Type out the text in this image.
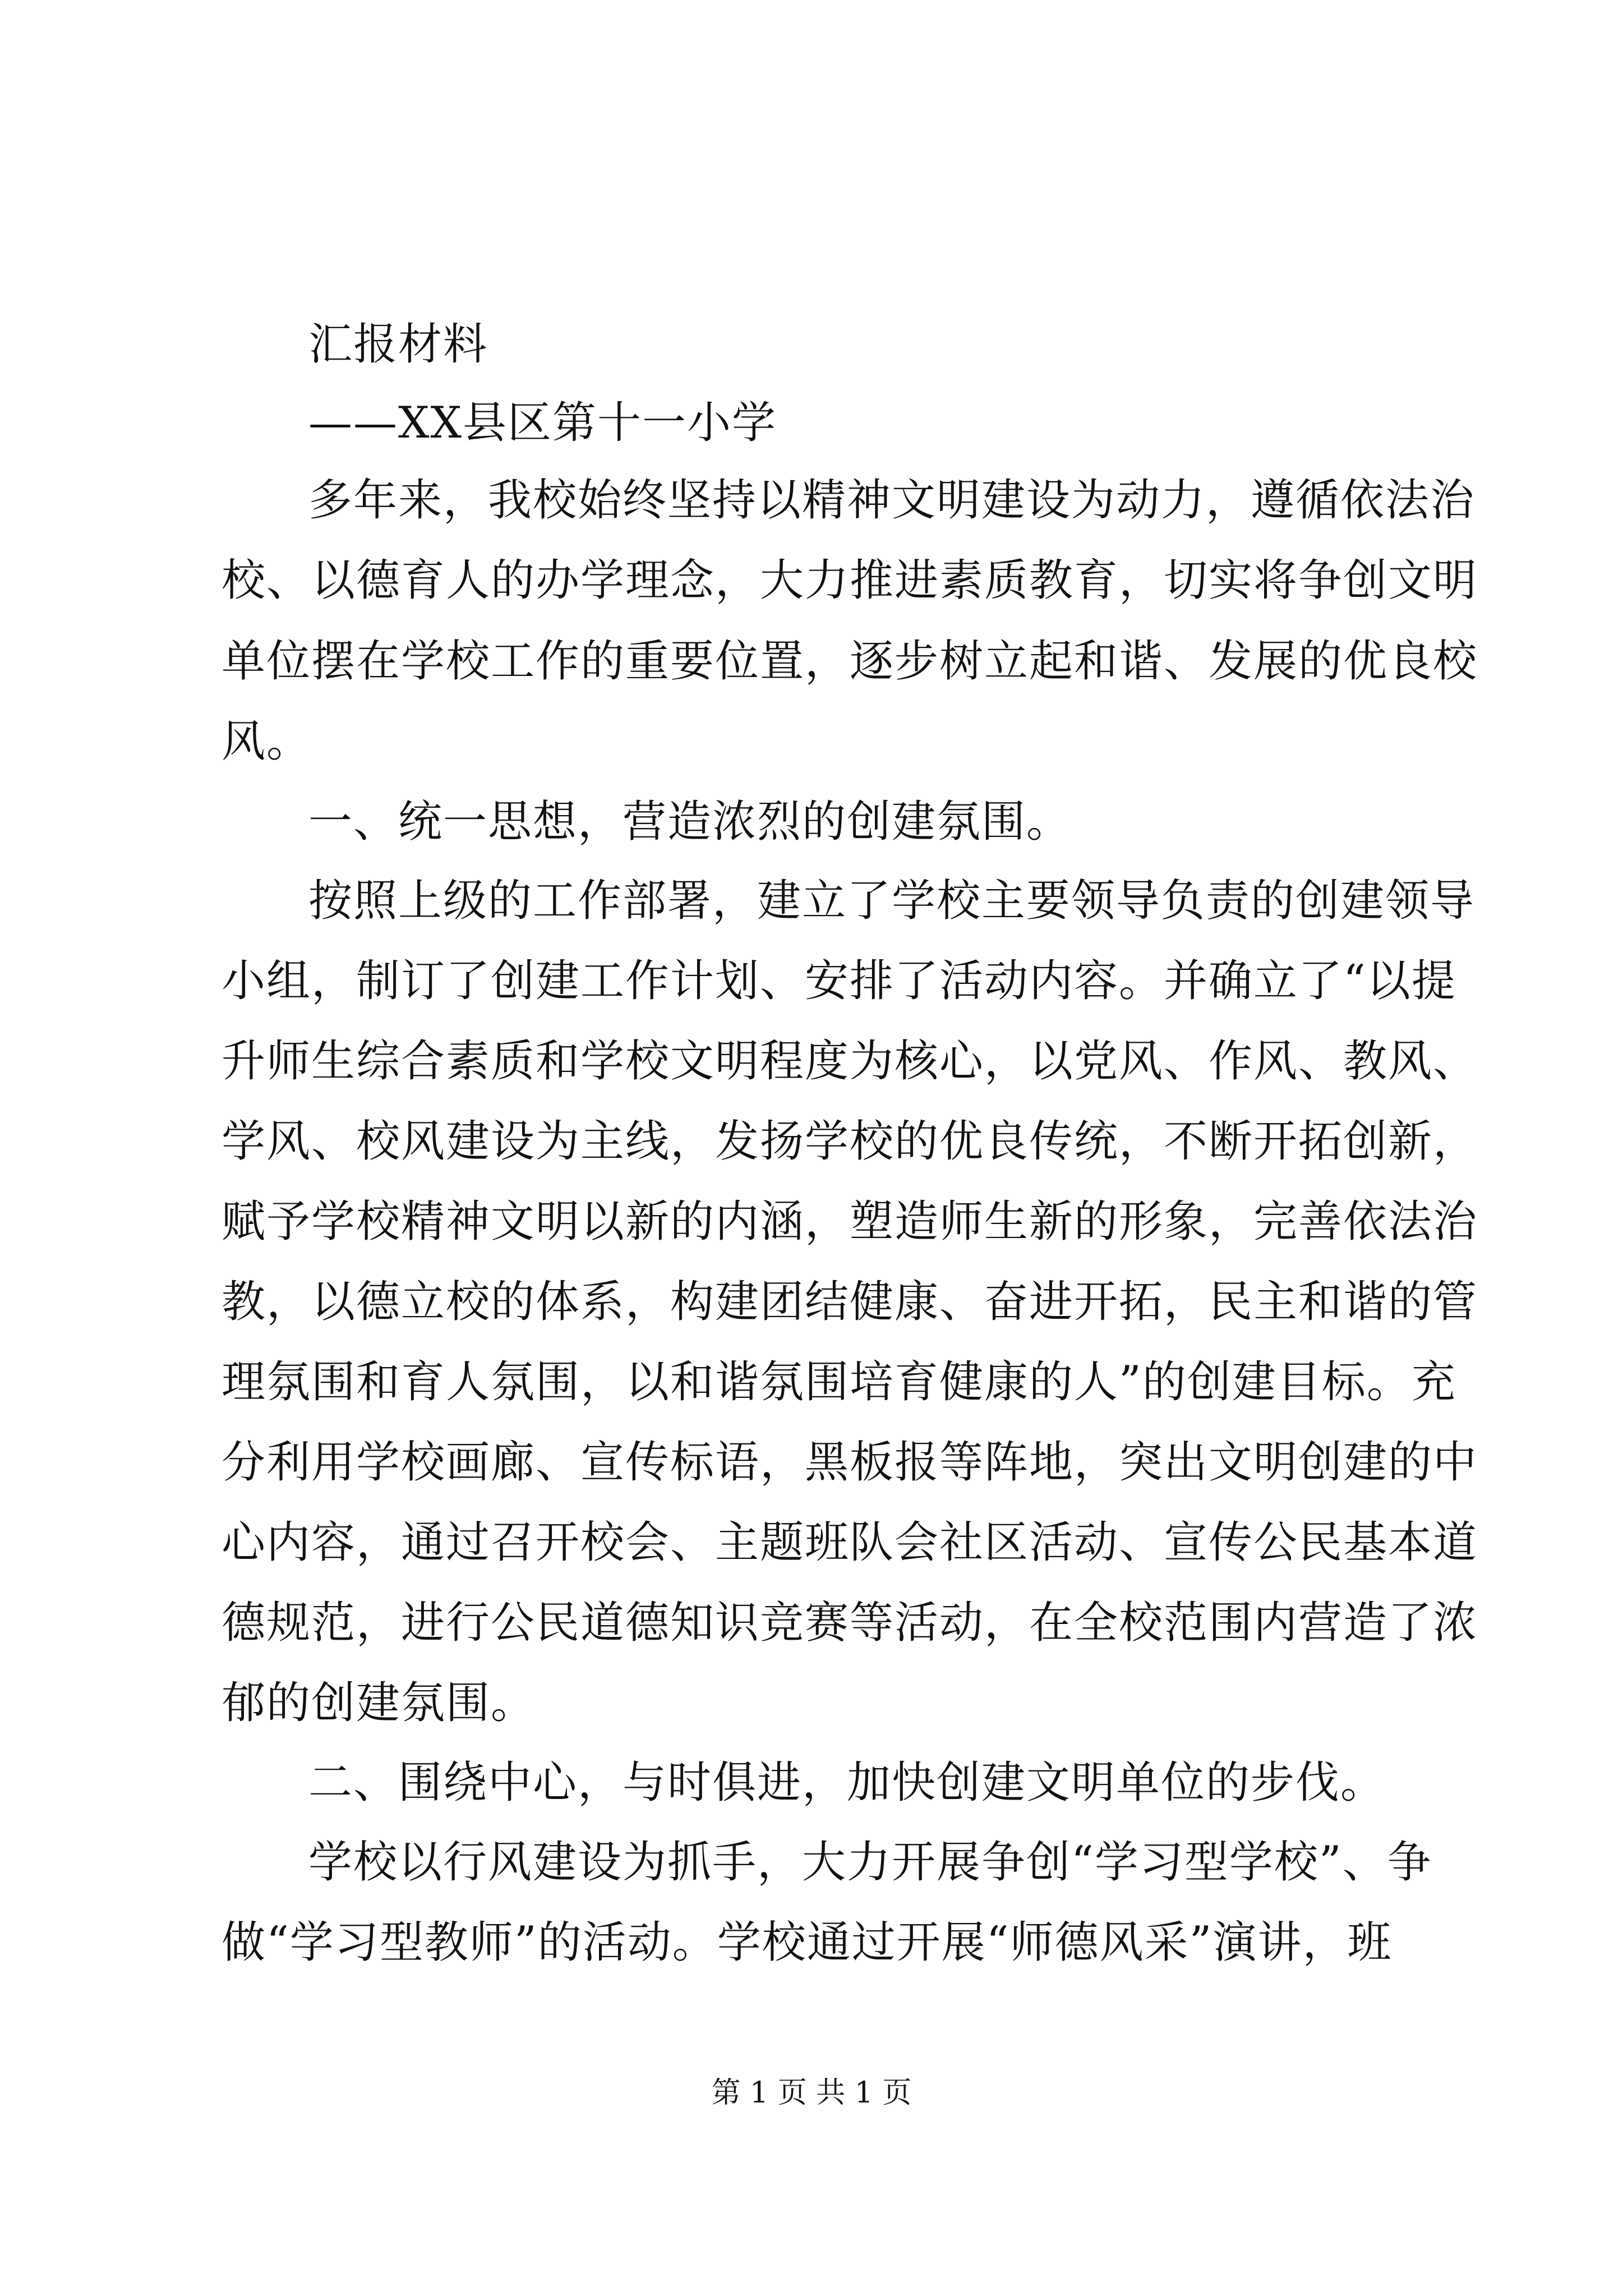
汇报材料
——XX县区第十一小学
多年来，我校始终坚持以精神文明建设为动力，遵循依法治
校、以德育人的办学理念，大力推进素质教育，切实将争创文明
单位摆在学校工作的重要位置，逐步树立起和谐、发展的优良校
风。
一、统一思想，营造浓烈的创建氛围。
按照上级的工作部署，建立了学校主要领导负责的创建领导
小组，制订了创建工作计划、安排了活动内容。并确立了“以提
升师生综合素质和学校文明程度为核心，以党风、作风、教风、
学风、校风建设为主线，发扬学校的优良传统，不断开拓创新，
赋予学校精神文明以新的内涵，塑造师生新的形象，完善依法治
教，以德立校的体系，构建团结健康、奋进开拓，民主和谐的管
理氛围和育人氛围，以和谐氛围培育健康的人”的创建目标。充
分利用学校画廊、宣传标语，黑板报等阵地，突出文明创建的中
心内容，通过召开校会、主题班队会社区活动、宣传公民基本道
德规范，进行公民道德知识竞赛等活动，在全校范围内营造了浓
郁的创建氛围。
二、围绕中心，与时俱进，加快创建文明单位的步伐。
学校以行风建设为抓手，大力开展争创“学习型学校”、争
做“学习型教师”的活动。学校通过开展“师德风采”演讲，班
第 1 页 共 1 页
